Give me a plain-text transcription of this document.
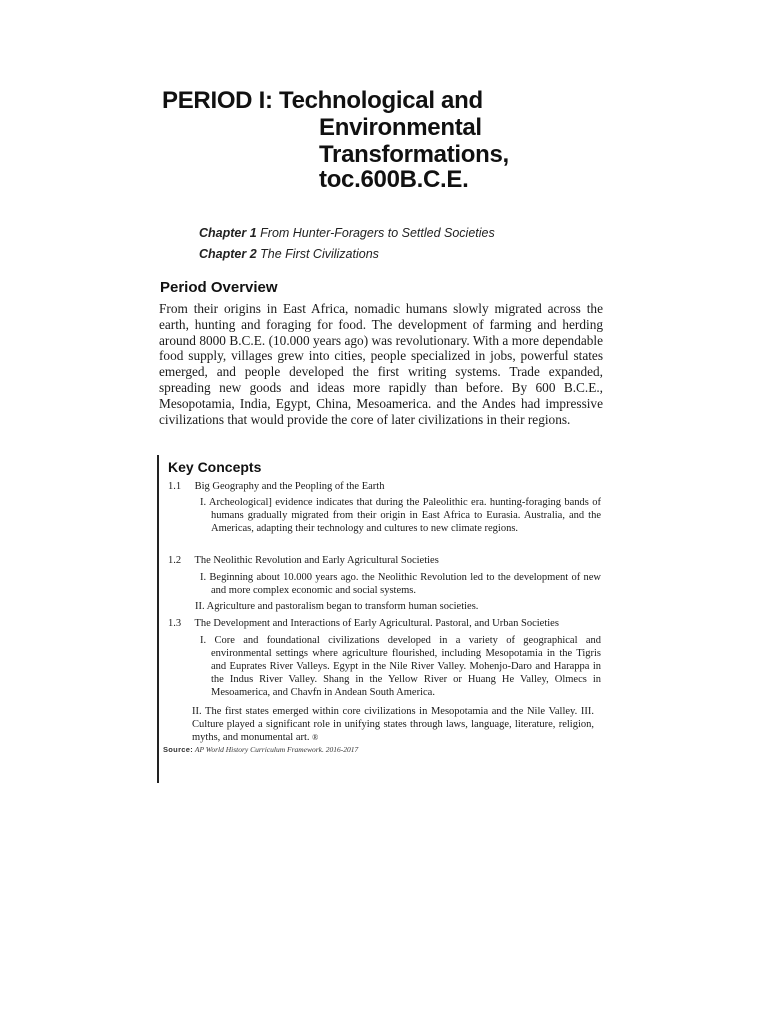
PERIOD I: Technological and
Environmental
Transformations,
toc.600B.C.E.
Chapter 1 From Hunter-Foragers to Settled Societies
Chapter 2 The First Civilizations
Period Overview
From their origins in East Africa, nomadic humans slowly migrated across the earth, hunting and foraging for food. The development of farming and herding around 8000 B.C.E. (10.000 years ago) was revolutionary. With a more dependable food supply, villages grew into cities, people specialized in jobs, powerful states emerged, and people developed the first writing systems. Trade expanded, spreading new goods and ideas more rapidly than before. By 600 B.C.E., Mesopotamia, India, Egypt, China, Mesoamerica. and the Andes had impressive civilizations that would provide the core of later civilizations in their regions.
Key Concepts
1.1 Big Geography and the Peopling of the Earth
I. Archeological] evidence indicates that during the Paleolithic era. hunting-foraging bands of humans gradually migrated from their origin in East Africa to Eurasia. Australia, and the Americas, adapting their technology and cultures to new climate regions.
1.2 The Neolithic Revolution and Early Agricultural Societies
I. Beginning about 10.000 years ago. the Neolithic Revolution led to the development of new and more complex economic and social systems.
II. Agriculture and pastoralism began to transform human societies.
1.3 The Development and Interactions of Early Agricultural. Pastoral, and Urban Societies
I. Core and foundational civilizations developed in a variety of geographical and environmental settings where agriculture flourished, including Mesopotamia in the Tigris and Euprates River Valleys. Egypt in the Nile River Valley. Mohenjo-Daro and Harappa in the Indus River Valley. Shang in the Yellow River or Huang He Valley, Olmecs in Mesoamerica, and Chavfn in Andean South America.
II. The first states emerged within core civilizations in Mesopotamia and the Nile Valley. III. Culture played a significant role in unifying states through laws, language, literature, religion, myths, and monumental art. ®
Source: AP World History Curriculum Framework. 2016-2017
